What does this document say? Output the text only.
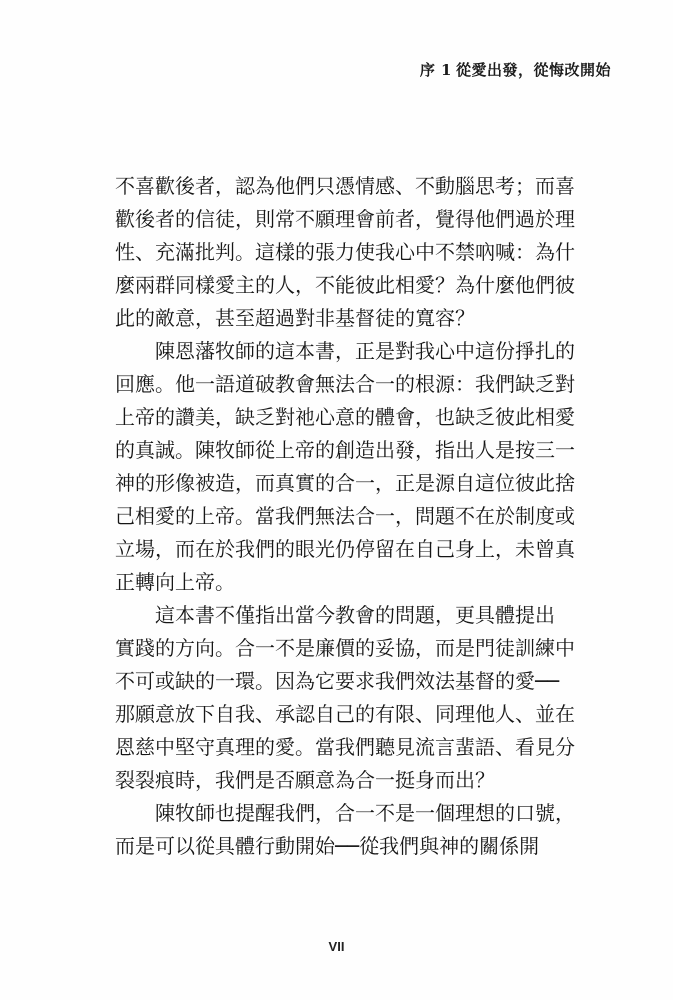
序 1 從愛出發，從悔改開始
不喜歡後者，認為他們只憑情感、不動腦思考；而喜
歡後者的信徒，則常不願理會前者，覺得他們過於理
性、充滿批判。這樣的張力使我心中不禁吶喊：為什
麼兩群同樣愛主的人，不能彼此相愛？為什麼他們彼
此的敵意，甚至超過對非基督徒的寬容？
陳恩藩牧師的這本書，正是對我心中這份掙扎的
回應。他一語道破教會無法合一的根源：我們缺乏對
上帝的讚美，缺乏對祂心意的體會，也缺乏彼此相愛
的真誠。陳牧師從上帝的創造出發，指出人是按三一
神的形像被造，而真實的合一，正是源自這位彼此捨
己相愛的上帝。當我們無法合一，問題不在於制度或
立場，而在於我們的眼光仍停留在自己身上，未曾真
正轉向上帝。
這本書不僅指出當今教會的問題，更具體提出
實踐的方向。合一不是廉價的妥協，而是門徒訓練中
不可或缺的一環。因為它要求我們效法基督的愛──
那願意放下自我、承認自己的有限、同理他人、並在
恩慈中堅守真理的愛。當我們聽見流言蜚語、看見分
裂裂痕時，我們是否願意為合一挺身而出？
陳牧師也提醒我們，合一不是一個理想的口號，
而是可以從具體行動開始──從我們與神的關係開
VII
